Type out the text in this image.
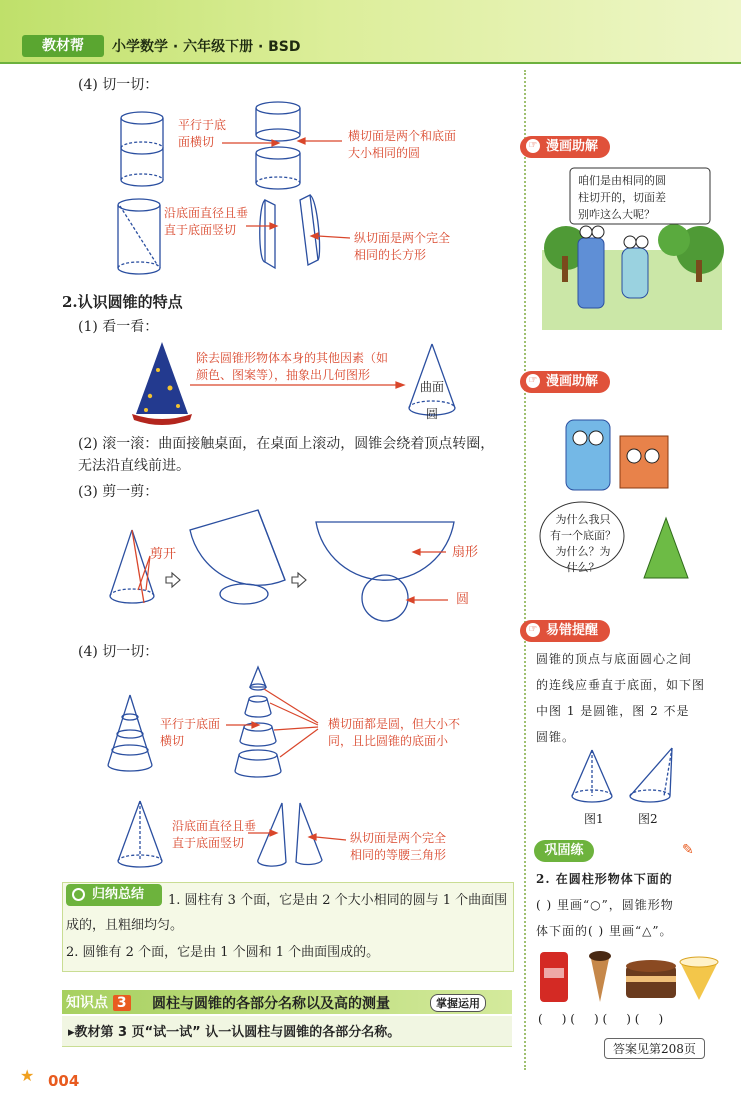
教材帮	小学数学 · 六年级下册 · BSD
(4) 切一切：
平行于底
面横切	横切面是两个和底面
大小相同的圆
沿底面直径且垂
直于底面竖切
纵切面是两个完全
相同的长方形
2.认识圆锥的特点
(1) 看一看：
除去圆锥形物体本身的其他因素（如
颜色、图案等），抽象出几何图形
曲面
圆
(2) 滚一滚：曲面接触桌面，在桌面上滚动，圆锥会绕着顶点转圈，
无法沿直线前进。
(3) 剪一剪：
剪开	扇形
圆
(4) 切一切：
平行于底面
横切
横切面都是圆，但大小不
同，且比圆锥的底面小
沿底面直径且垂
直于底面竖切	纵切面是两个完全
相同的等腰三角形
归纳总结	1. 圆柱有 3 个面，它是由 2 个大小相同的圆与 1 个曲面围
成的，且粗细均匀。
2. 圆锥有 2 个面，它是由 1 个圆和 1 个曲面围成的。
知识点 3 圆柱与圆锥的各部分名称以及高的测量	掌握运用
▸教材第 3 页“试一试” 认一认圆柱与圆锥的各部分名称。
☞ 漫画助解
咱们是由相同的圆
柱切开的，切面差
别咋这么大呢？
☞ 漫画助解
为什么我只
有一个底面？
为什么？为
什么？
☞ 易错提醒
圆锥的顶点与底面圆心之间
的连线应垂直于底面，如下图
中图 1 是圆锥，图 2 不是
圆锥。
图1	图2
巩固练	✎
2. 在圆柱形物体下面的
( ) 里画“○”，圆锥形物
体下面的( ) 里画“△”。
(     ) (     ) (     ) (     )
答案见第208页
★ 004
